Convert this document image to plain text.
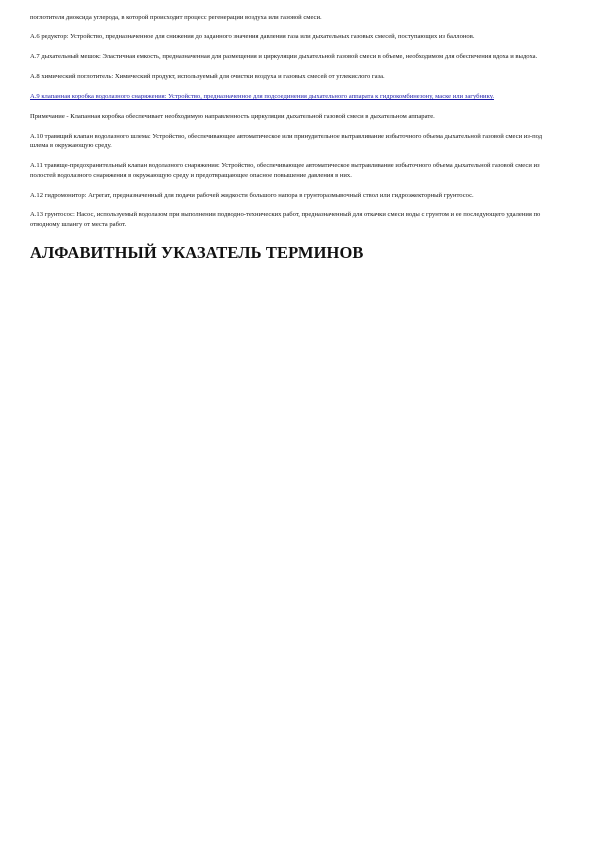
поглотителя диоксида углерода, в которой происходит процесс регенерации воздуха или газовой смеси.

А.6 редуктор: Устройство, предназначенное для снижения до заданного значения давления газа или дыхательных газовых смесей, поступающих из баллонов.

А.7 дыхательный мешок: Эластичная емкость, предназначенная для размещения и циркуляции дыхательной газовой смеси в объеме, необходимом для обеспечения вдоха и выдоха.

А.8 химический поглотитель: Химический продукт, используемый для очистки воздуха и газовых смесей от углекислого газа.

А.9 клапанная коробка водолазного снаряжения: Устройство, предназначенное для подсоединения дыхательного аппарата к гидрокомбинезону, маске или загубнику.

Примечание - Клапанная коробка обеспечивает необходимую направленность циркуляции дыхательной газовой смеси в дыхательном аппарате.

А.10 травящий клапан водолазного шлема: Устройство, обеспечивающее автоматическое или принудительное вытравливание избыточного объема дыхательной газовой смеси из-под шлема в окружающую среду.

А.11 травяще-предохранительный клапан водолазного снаряжения: Устройство, обеспечивающее автоматическое вытравливание избыточного объема дыхательной газовой смеси из полостей водолазного снаряжения в окружающую среду и предотвращающее опасное повышение давления в них.

А.12 гидромонитор: Агрегат, предназначенный для подачи рабочей жидкости большого напора в грунторазмывочный ствол или гидроэжекторный грунтосос.

А.13 грунтосос: Насос, используемый водолазом при выполнении подводно-технических работ, предназначенный для откачки смеси воды с грунтом и ее последующего удаления по отводному шлангу от места работ.

АЛФАВИТНЫЙ УКАЗАТЕЛЬ ТЕРМИНОВ
